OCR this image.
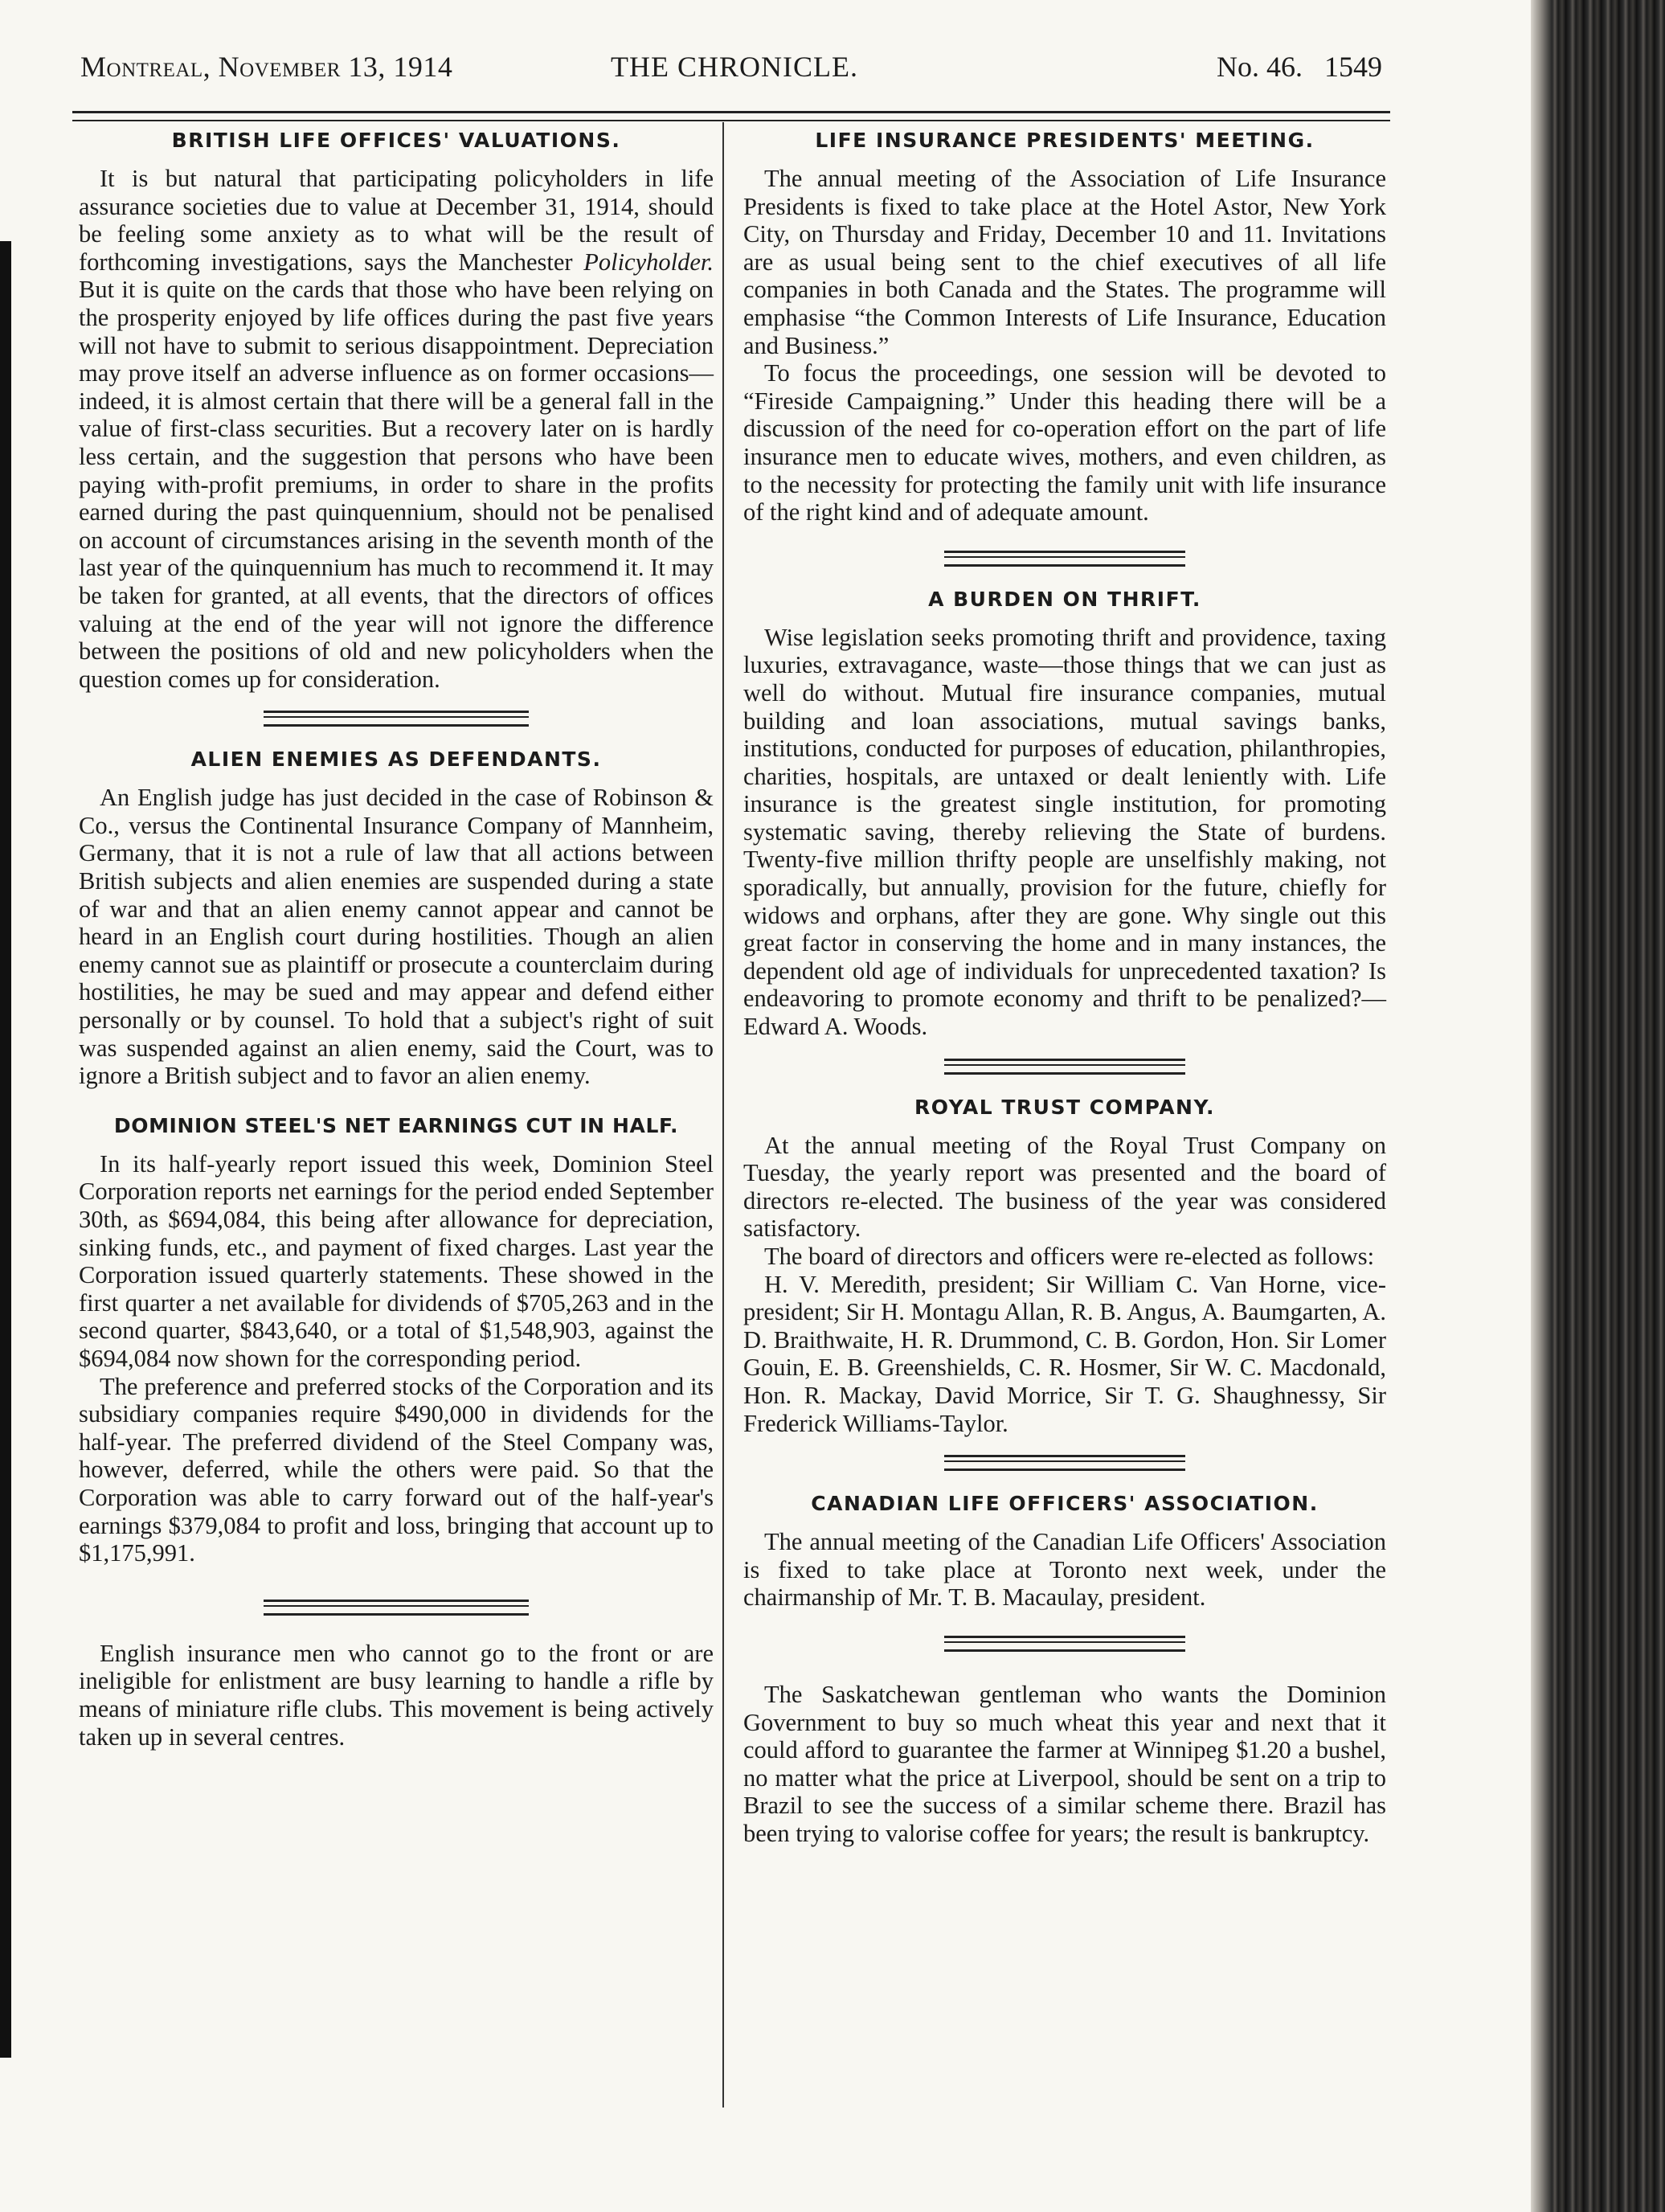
Montreal, November 13, 1914	THE CHRONICLE.	No. 46.   1549
BRITISH LIFE OFFICES' VALUATIONS.

It is but natural that participating policyholders in life assurance societies due to value at December 31, 1914, should be feeling some anxiety as to what will be the result of forthcoming investigations, says the Manchester Policyholder. But it is quite on the cards that those who have been relying on the prosperity enjoyed by life offices during the past five years will not have to submit to serious disappointment. Depreciation may prove itself an adverse influence as on former occasions—indeed, it is almost certain that there will be a general fall in the value of first-class securities. But a recovery later on is hardly less certain, and the suggestion that persons who have been paying with-profit premiums, in order to share in the profits earned during the past quinquennium, should not be penalised on account of circumstances arising in the seventh month of the last year of the quinquennium has much to recommend it. It may be taken for granted, at all events, that the directors of offices valuing at the end of the year will not ignore the difference between the positions of old and new policyholders when the question comes up for consideration.

ALIEN ENEMIES AS DEFENDANTS.

An English judge has just decided in the case of Robinson & Co., versus the Continental Insurance Company of Mannheim, Germany, that it is not a rule of law that all actions between British subjects and alien enemies are suspended during a state of war and that an alien enemy cannot appear and cannot be heard in an English court during hostilities. Though an alien enemy cannot sue as plaintiff or prosecute a counterclaim during hostilities, he may be sued and may appear and defend either personally or by counsel. To hold that a subject's right of suit was suspended against an alien enemy, said the Court, was to ignore a British subject and to favor an alien enemy.

DOMINION STEEL'S NET EARNINGS CUT IN HALF.

In its half-yearly report issued this week, Dominion Steel Corporation reports net earnings for the period ended September 30th, as $694,084, this being after allowance for depreciation, sinking funds, etc., and payment of fixed charges. Last year the Corporation issued quarterly statements. These showed in the first quarter a net available for dividends of $705,263 and in the second quarter, $843,640, or a total of $1,548,903, against the $694,084 now shown for the corresponding period.

The preference and preferred stocks of the Corporation and its subsidiary companies require $490,000 in dividends for the half-year. The preferred dividend of the Steel Company was, however, deferred, while the others were paid. So that the Corporation was able to carry forward out of the half-year's earnings $379,084 to profit and loss, bringing that account up to $1,175,991.

English insurance men who cannot go to the front or are ineligible for enlistment are busy learning to handle a rifle by means of miniature rifle clubs. This movement is being actively taken up in several centres.

LIFE INSURANCE PRESIDENTS' MEETING.

The annual meeting of the Association of Life Insurance Presidents is fixed to take place at the Hotel Astor, New York City, on Thursday and Friday, December 10 and 11. Invitations are as usual being sent to the chief executives of all life companies in both Canada and the States. The programme will emphasise “the Common Interests of Life Insurance, Education and Business.”

To focus the proceedings, one session will be devoted to “Fireside Campaigning.” Under this heading there will be a discussion of the need for co-operation effort on the part of life insurance men to educate wives, mothers, and even children, as to the necessity for protecting the family unit with life insurance of the right kind and of adequate amount.

A BURDEN ON THRIFT.

Wise legislation seeks promoting thrift and providence, taxing luxuries, extravagance, waste—those things that we can just as well do without. Mutual fire insurance companies, mutual building and loan associations, mutual savings banks, institutions, conducted for purposes of education, philanthropies, charities, hospitals, are untaxed or dealt leniently with. Life insurance is the greatest single institution, for promoting systematic saving, thereby relieving the State of burdens. Twenty-five million thrifty people are unselfishly making, not sporadically, but annually, provision for the future, chiefly for widows and orphans, after they are gone. Why single out this great factor in conserving the home and in many instances, the dependent old age of individuals for unprecedented taxation? Is endeavoring to promote economy and thrift to be penalized?—Edward A. Woods.

ROYAL TRUST COMPANY.

At the annual meeting of the Royal Trust Company on Tuesday, the yearly report was presented and the board of directors re-elected. The business of the year was considered satisfactory.

The board of directors and officers were re-elected as follows:

H. V. Meredith, president; Sir William C. Van Horne, vice-president; Sir H. Montagu Allan, R. B. Angus, A. Baumgarten, A. D. Braithwaite, H. R. Drummond, C. B. Gordon, Hon. Sir Lomer Gouin, E. B. Greenshields, C. R. Hosmer, Sir W. C. Macdonald, Hon. R. Mackay, David Morrice, Sir T. G. Shaughnessy, Sir Frederick Williams-Taylor.

CANADIAN LIFE OFFICERS' ASSOCIATION.

The annual meeting of the Canadian Life Officers' Association is fixed to take place at Toronto next week, under the chairmanship of Mr. T. B. Macaulay, president.

The Saskatchewan gentleman who wants the Dominion Government to buy so much wheat this year and next that it could afford to guarantee the farmer at Winnipeg $1.20 a bushel, no matter what the price at Liverpool, should be sent on a trip to Brazil to see the success of a similar scheme there. Brazil has been trying to valorise coffee for years; the result is bankruptcy.
